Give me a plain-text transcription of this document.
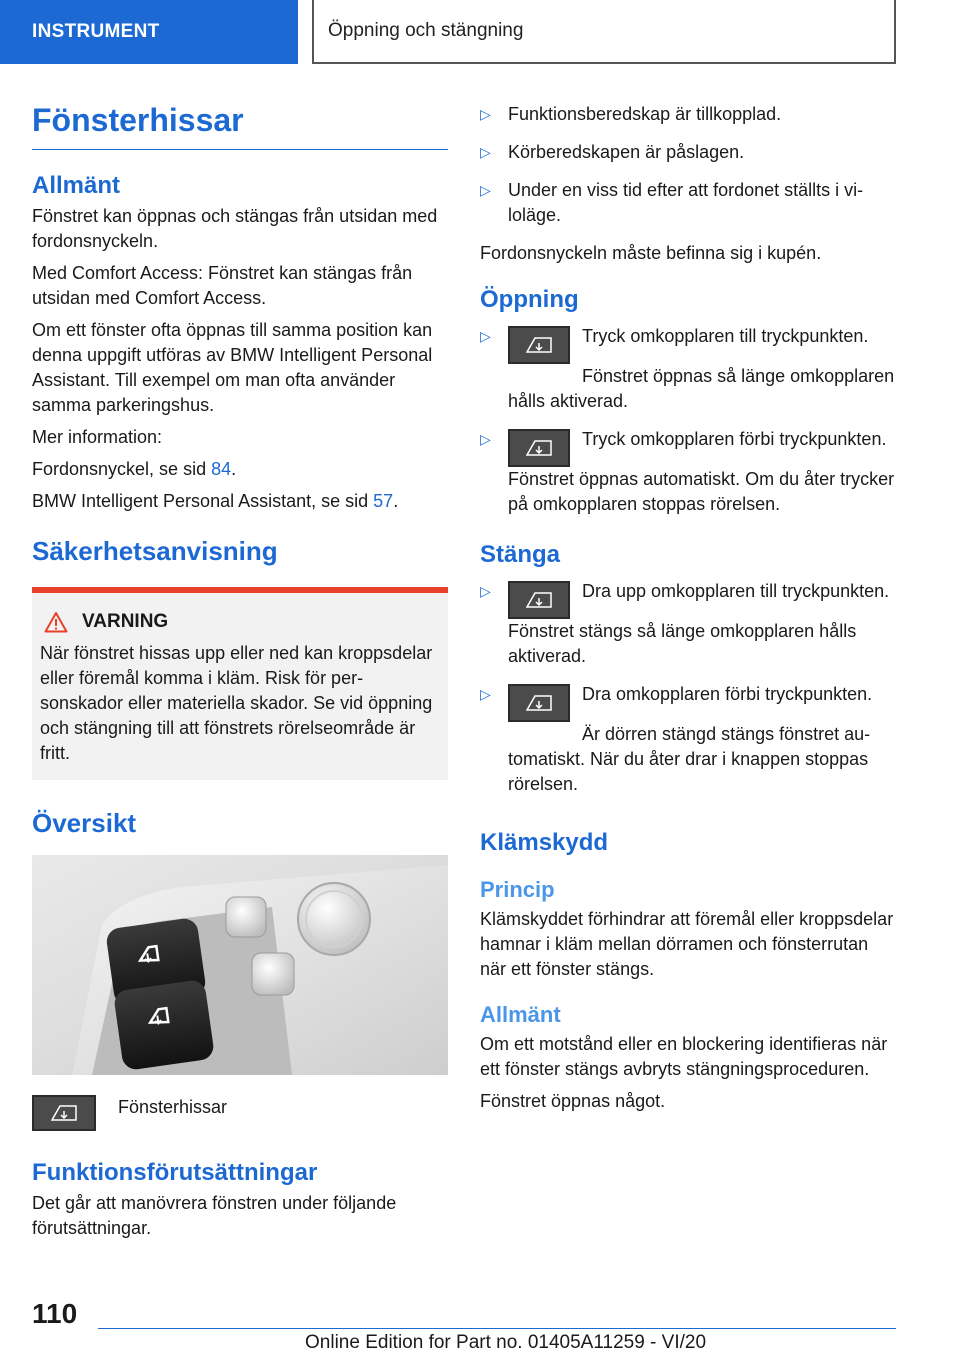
INSTRUMENT	Öppning och stängning
Fönsterhissar
Allmänt

Fönstret kan öppnas och stängas från utsidan med fordonsnyckeln.

Med Comfort Access: Fönstret kan stängas från utsidan med Comfort Access.

Om ett fönster ofta öppnas till samma position kan denna uppgift utföras av BMW Intelligent Personal Assistant. Till exempel om man ofta använder samma parkeringshus.

Mer information:

Fordonsnyckel, se sid 84.

BMW Intelligent Personal Assistant, se sid 57.

Säkerhetsanvisning
VARNING

När fönstret hissas upp eller ned kan kroppsdelar eller föremål komma i kläm. Risk för personskador eller materiella skador. Se vid öppning och stängning till att fönstrets rörelseområde är fritt.

Översikt
Fönsterhissar
Funktionsförutsättningar

Det går att manövrera fönstren under följande förutsättningar.

▷ Funktionsberedskap är tillkopplad.

▷ Körberedskapen är påslagen.

▷ Under en viss tid efter att fordonet ställts i viloläge.

Fordonsnyckeln måste befinna sig i kupén.

Öppning
▷	Tryck omkopplaren till tryckpunkten.

Fönstret öppnas så länge omkopplaren hålls aktiverad.

▷	Tryck omkopplaren förbi tryckpunkten.

Fönstret öppnas automatiskt. Om du åter trycker på omkopplaren stoppas rörelsen.

Stänga
▷	Dra upp omkopplaren till tryckpunkten.

Fönstret stängs så länge omkopplaren hålls aktiverad.

▷	Dra omkopplaren förbi tryckpunkten.

Är dörren stängd stängs fönstret automatiskt. När du åter drar i knappen stoppas rörelsen.

Klämskydd
Princip

Klämskyddet förhindrar att föremål eller kroppsdelar hamnar i kläm mellan dörramen och fönsterrutan när ett fönster stängs.

Allmänt

Om ett motstånd eller en blockering identifieras när ett fönster stängs avbryts stängningsproceduren.

Fönstret öppnas något.

110
Online Edition for Part no. 01405A11259 - VI/20
